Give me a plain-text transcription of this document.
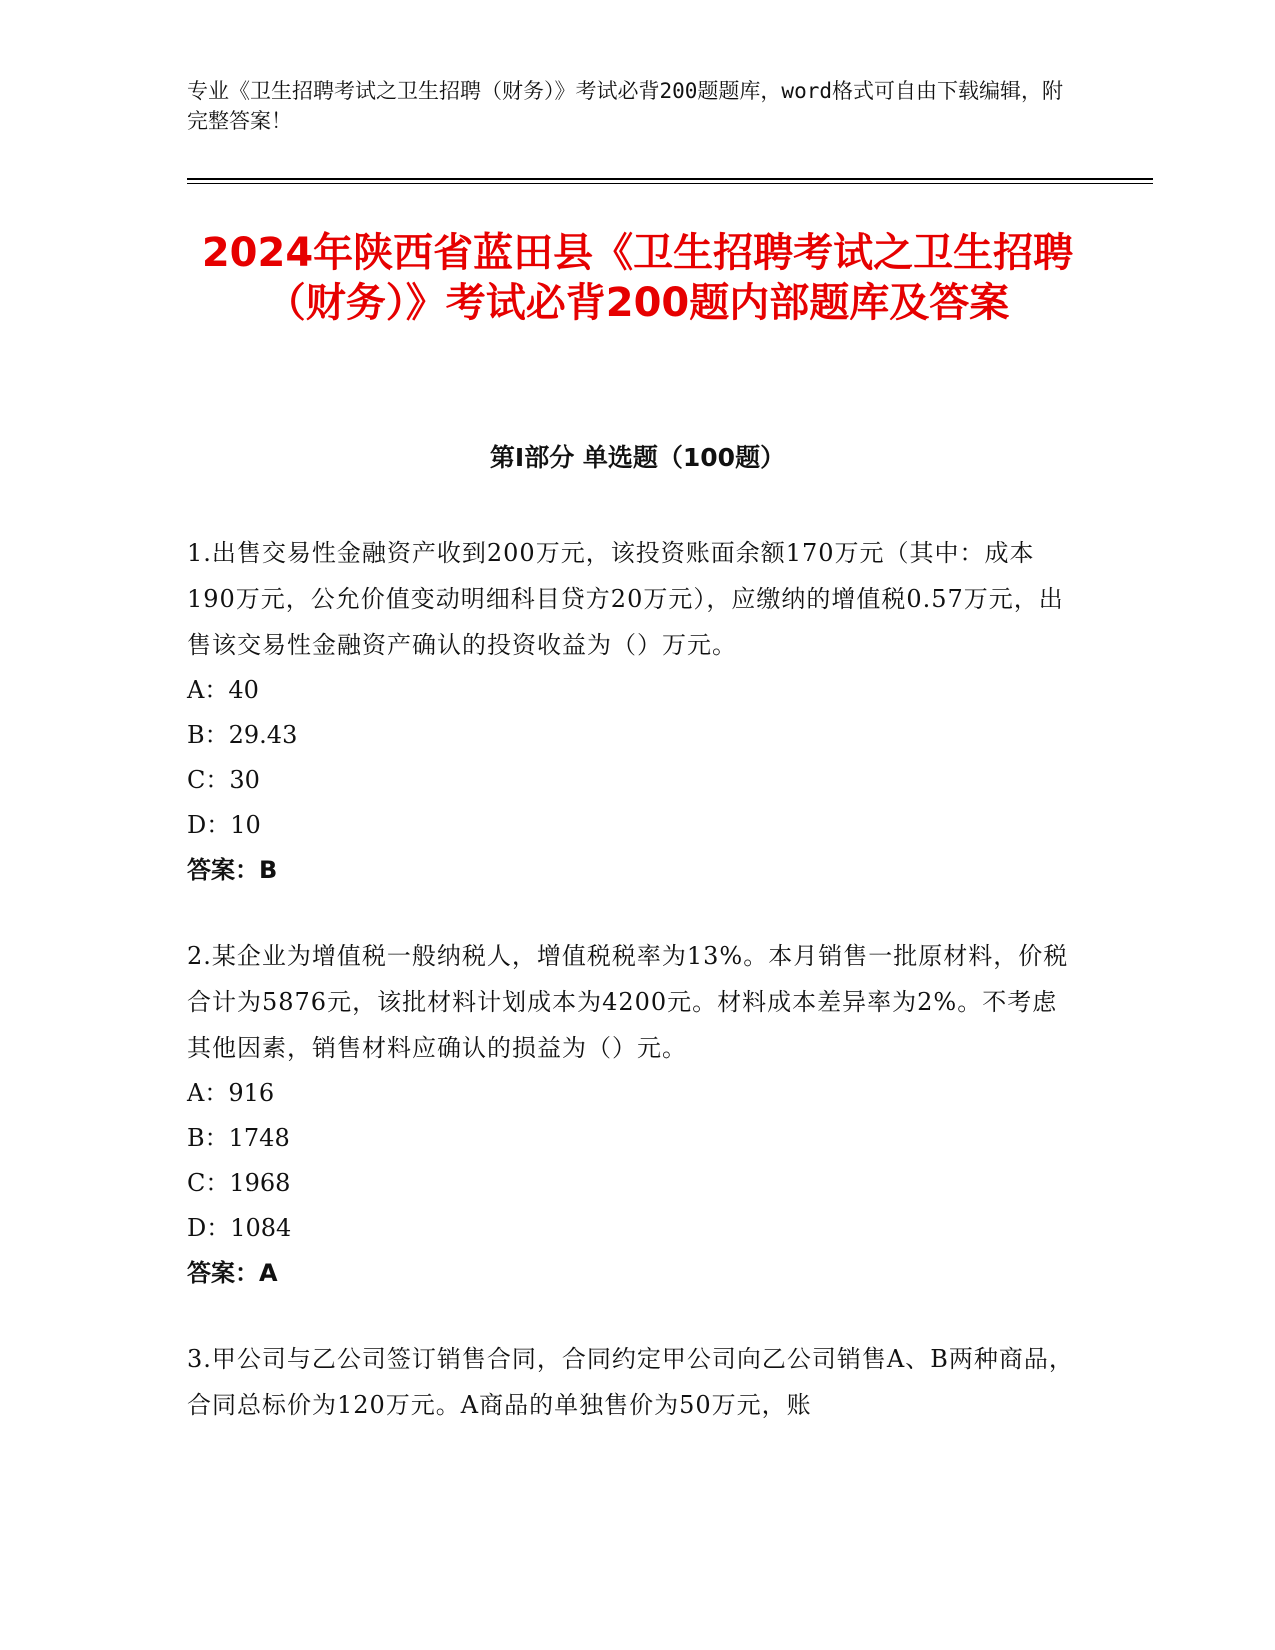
专业《卫生招聘考试之卫生招聘（财务）》考试必背200题题库，word格式可自由下载编辑，附完整答案！
2024年陕西省蓝田县《卫生招聘考试之卫生招聘（财务）》考试必背200题内部题库及答案
第I部分 单选题（100题）
1.出售交易性金融资产收到200万元，该投资账面余额170万元（其中：成本190万元，公允价值变动明细科目贷方20万元），应缴纳的增值税0.57万元，出售该交易性金融资产确认的投资收益为（）万元。
A：40
B：29.43
C：30
D：10
答案：B
2.某企业为增值税一般纳税人，增值税税率为13%。本月销售一批原材料，价税合计为5876元，该批材料计划成本为4200元。材料成本差异率为2%。不考虑其他因素，销售材料应确认的损益为（）元。
A：916
B：1748
C：1968
D：1084
答案：A
3.甲公司与乙公司签订销售合同，合同约定甲公司向乙公司销售A、B两种商品，合同总标价为120万元。A商品的单独售价为50万元，账
